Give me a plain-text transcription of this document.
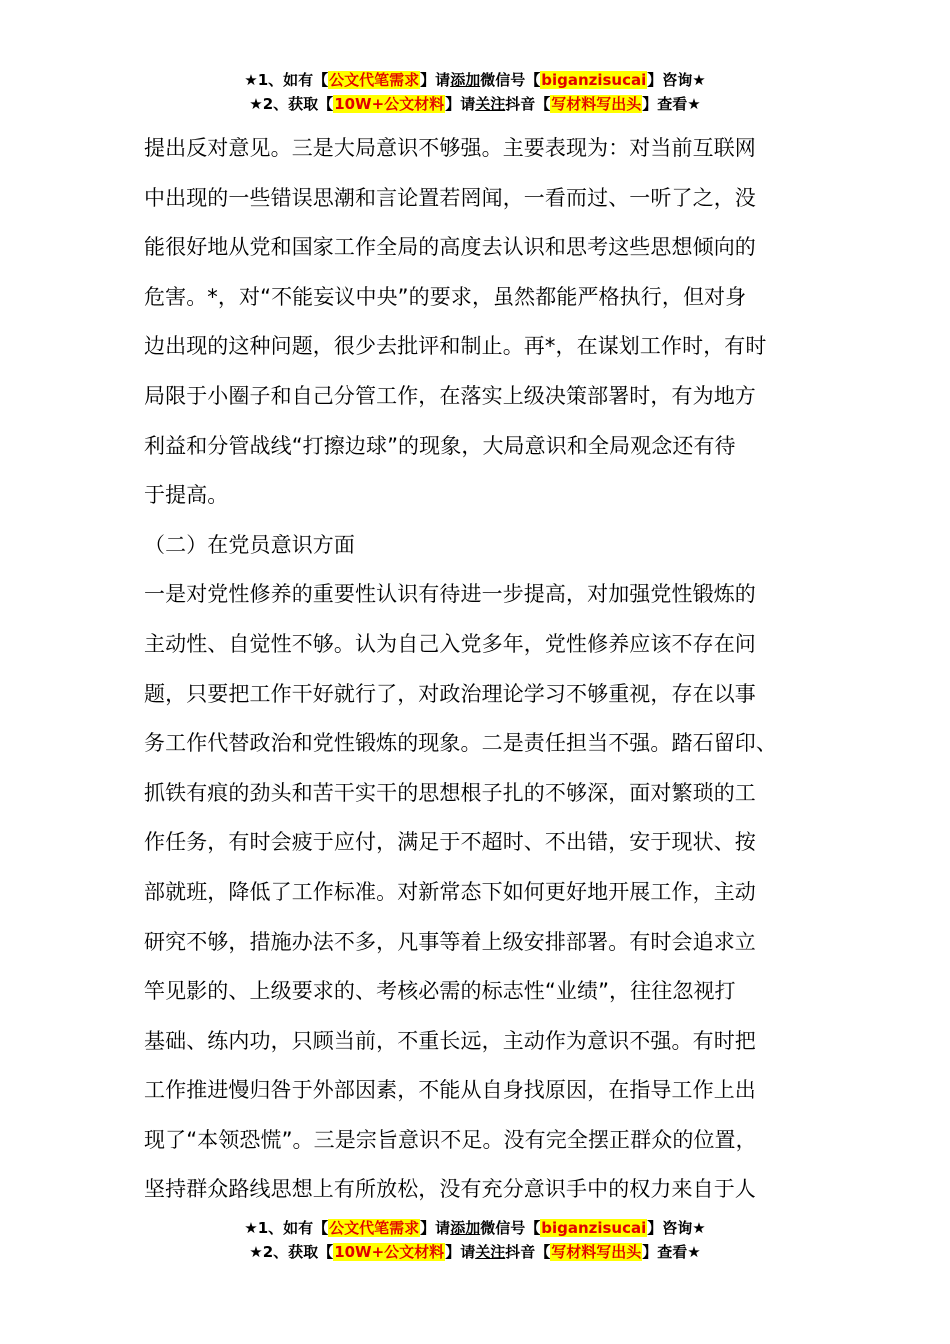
★1、如有【公文代笔需求】请添加微信号【biganzisucai】咨询★
★2、获取【10W+公文材料】请关注抖音【写材料写出头】查看★
提出反对意见。三是大局意识不够强。主要表现为：对当前互联网
中出现的一些错误思潮和言论置若罔闻，一看而过、一听了之，没
能很好地从党和国家工作全局的高度去认识和思考这些思想倾向的
危害。*，对“不能妄议中央”的要求，虽然都能严格执行，但对身
边出现的这种问题，很少去批评和制止。再*，在谋划工作时，有时
局限于小圈子和自己分管工作，在落实上级决策部署时，有为地方
利益和分管战线“打擦边球”的现象，大局意识和全局观念还有待
于提高。
（二）在党员意识方面
一是对党性修养的重要性认识有待进一步提高，对加强党性锻炼的
主动性、自觉性不够。认为自己入党多年，党性修养应该不存在问
题，只要把工作干好就行了，对政治理论学习不够重视，存在以事
务工作代替政治和党性锻炼的现象。二是责任担当不强。踏石留印、
抓铁有痕的劲头和苦干实干的思想根子扎的不够深，面对繁琐的工
作任务，有时会疲于应付，满足于不超时、不出错，安于现状、按
部就班，降低了工作标准。对新常态下如何更好地开展工作，主动
研究不够，措施办法不多，凡事等着上级安排部署。有时会追求立
竿见影的、上级要求的、考核必需的标志性“业绩”，往往忽视打
基础、练内功，只顾当前，不重长远，主动作为意识不强。有时把
工作推进慢归咎于外部因素，不能从自身找原因，在指导工作上出
现了“本领恐慌”。三是宗旨意识不足。没有完全摆正群众的位置，
坚持群众路线思想上有所放松，没有充分意识手中的权力来自于人
★1、如有【公文代笔需求】请添加微信号【biganzisucai】咨询★
★2、获取【10W+公文材料】请关注抖音【写材料写出头】查看★
